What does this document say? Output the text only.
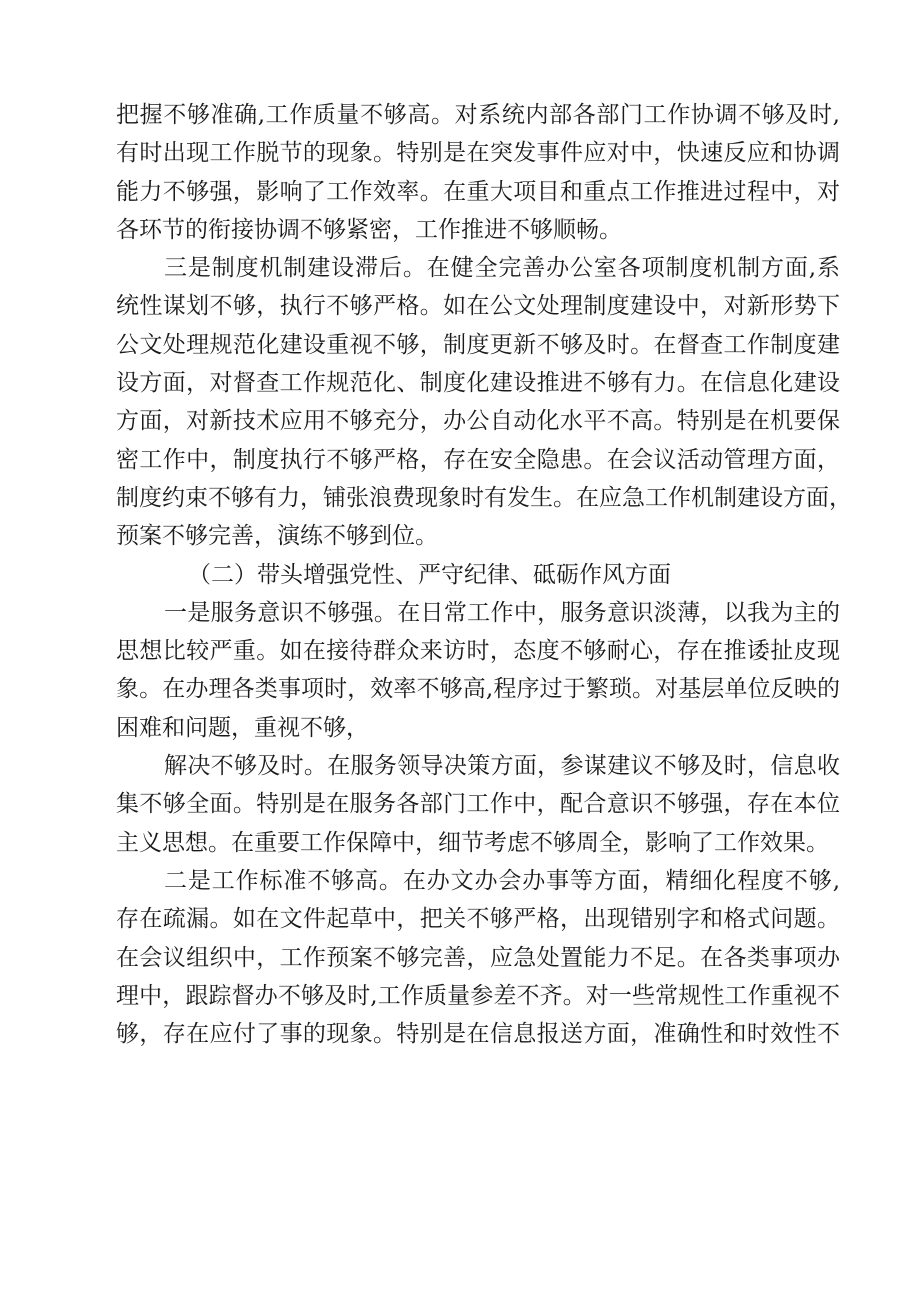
把握不够准确,工作质量不够高。对系统内部各部门工作协调不够及时,
有时出现工作脱节的现象。特别是在突发事件应对中，快速反应和协调
能力不够强，影响了工作效率。在重大项目和重点工作推进过程中，对
各环节的衔接协调不够紧密，工作推进不够顺畅。
三是制度机制建设滞后。在健全完善办公室各项制度机制方面,系
统性谋划不够，执行不够严格。如在公文处理制度建设中，对新形势下
公文处理规范化建设重视不够，制度更新不够及时。在督查工作制度建
设方面，对督查工作规范化、制度化建设推进不够有力。在信息化建设
方面，对新技术应用不够充分，办公自动化水平不高。特别是在机要保
密工作中，制度执行不够严格，存在安全隐患。在会议活动管理方面，
制度约束不够有力，铺张浪费现象时有发生。在应急工作机制建设方面，
预案不够完善，演练不够到位。
（二）带头增强党性、严守纪律、砥砺作风方面
一是服务意识不够强。在日常工作中，服务意识淡薄，以我为主的
思想比较严重。如在接待群众来访时，态度不够耐心，存在推诿扯皮现
象。在办理各类事项时，效率不够高,程序过于繁琐。对基层单位反映的
困难和问题，重视不够，
解决不够及时。在服务领导决策方面，参谋建议不够及时，信息收
集不够全面。特别是在服务各部门工作中，配合意识不够强，存在本位
主义思想。在重要工作保障中，细节考虑不够周全，影响了工作效果。
二是工作标准不够高。在办文办会办事等方面，精细化程度不够,
存在疏漏。如在文件起草中，把关不够严格，出现错别字和格式问题。
在会议组织中，工作预案不够完善，应急处置能力不足。在各类事项办
理中，跟踪督办不够及时,工作质量参差不齐。对一些常规性工作重视不
够，存在应付了事的现象。特别是在信息报送方面，准确性和时效性不
